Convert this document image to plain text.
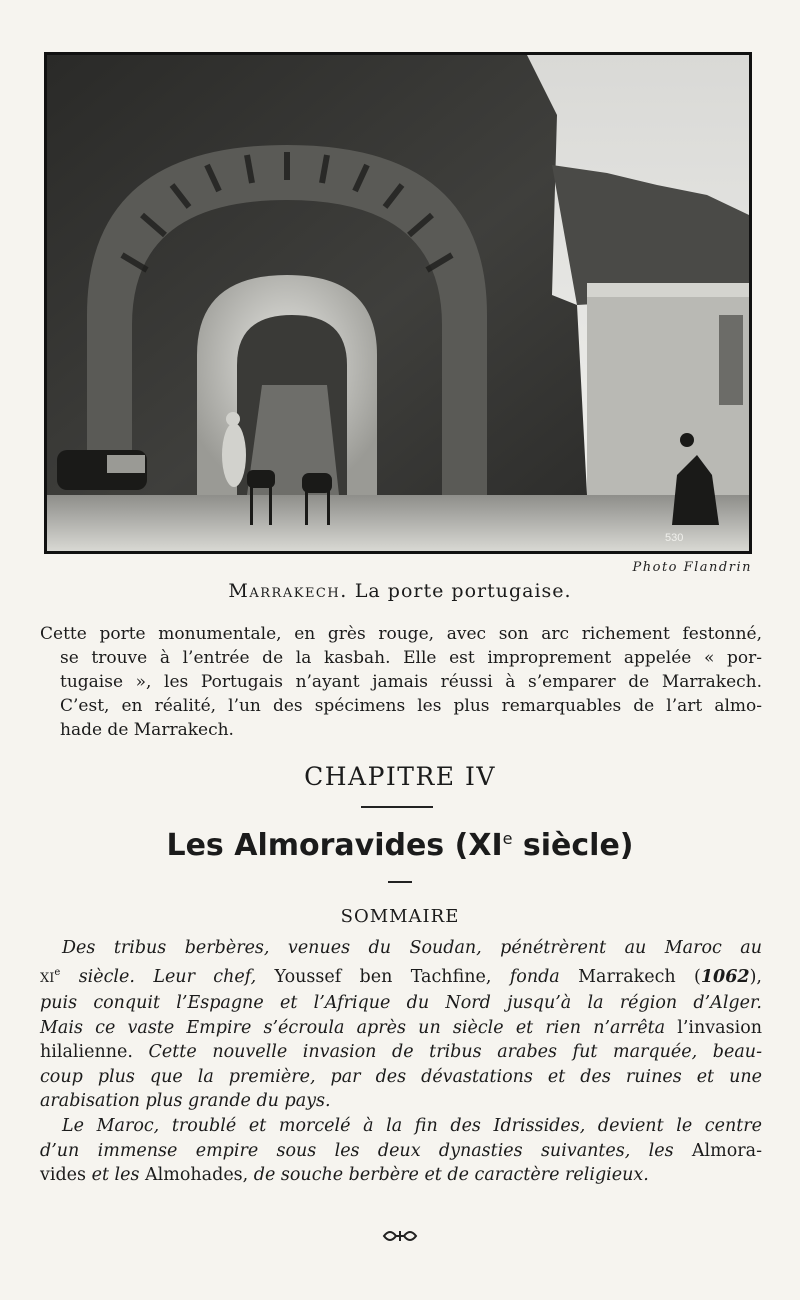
530
Photo Flandrin
Marrakech. La porte portugaise.

Cette porte monumentale, en grès rouge, avec son arc richement festonné,
se trouve à l’entrée de la kasbah. Elle est improprement appelée « por-
tugaise », les Portugais n’ayant jamais réussi à s’emparer de Marrakech.
C’est, en réalité, l’un des spécimens les plus remarquables de l’art almo-
hade de Marrakech.

CHAPITRE IV
Les Almoravides (XIe siècle)
SOMMAIRE
Des tribus berbères, venues du Soudan, pénétrèrent au Maroc au
XIe siècle. Leur chef, Youssef ben Tachfine, fonda Marrakech (1062),
puis conquit l’Espagne et l’Afrique du Nord jusqu’à la région d’Alger.
Mais ce vaste Empire s’écroula après un siècle et rien n’arrêta l’invasion
hilalienne. Cette nouvelle invasion de tribus arabes fut marquée, beau-
coup plus que la première, par des dévastations et des ruines et une
arabisation plus grande du pays.
Le Maroc, troublé et morcelé à la fin des Idrissides, devient le centre
d’un immense empire sous les deux dynasties suivantes, les Almora-
vides et les Almohades, de souche berbère et de caractère religieux.
